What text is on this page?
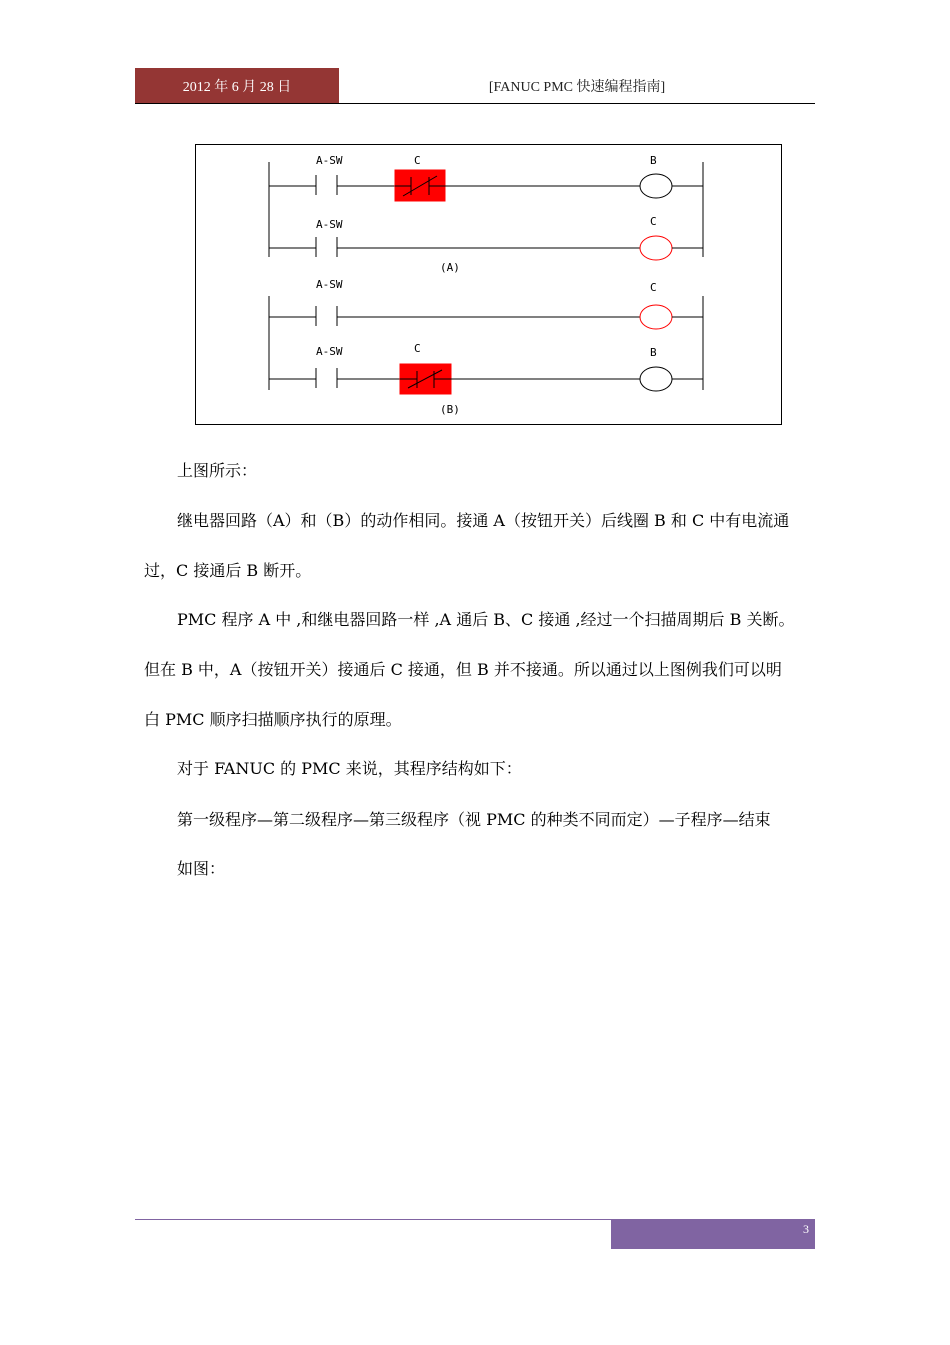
2012 年 6 月 28 日	[FANUC PMC 快速编程指南]
A-SW	C	B
A-SW	C
(A)
A-SW	C
A-SW	C	B
(B)

上图所示：

继电器回路（A）和（B）的动作相同。接通 A（按钮开关）后线圈 B 和 C 中有电流通

过，C 接通后 B 断开。

PMC 程序 A 中 ,和继电器回路一样 ,A 通后 B、C 接通 ,经过一个扫描周期后 B 关断。

但在 B 中，A（按钮开关）接通后 C 接通，但 B 并不接通。所以通过以上图例我们可以明

白 PMC 顺序扫描顺序执行的原理。

对于 FANUC 的 PMC 来说，其程序结构如下：

第一级程序—第二级程序—第三级程序（视 PMC 的种类不同而定）—子程序—结束

如图：

3
